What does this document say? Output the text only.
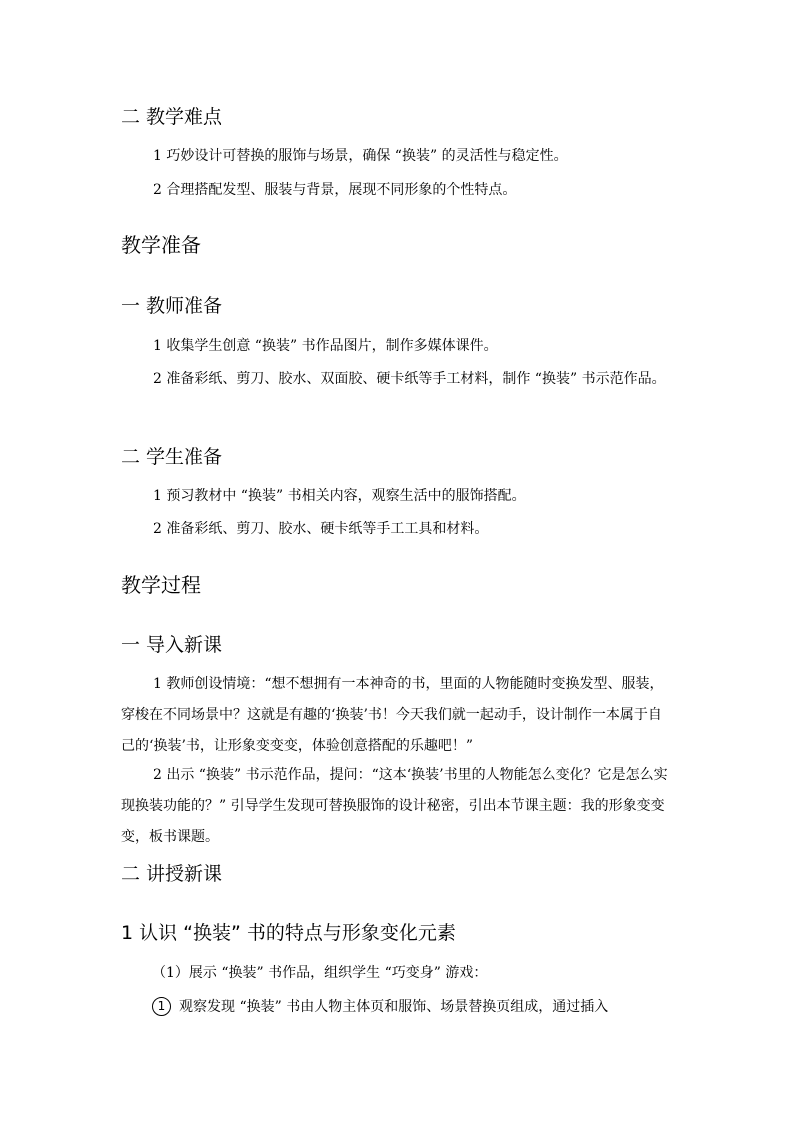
二 教学难点
1 巧妙设计可替换的服饰与场景，确保 “换装” 的灵活性与稳定性。
2 合理搭配发型、服装与背景，展现不同形象的个性特点。
教学准备
一 教师准备
1 收集学生创意 “换装” 书作品图片，制作多媒体课件。
2 准备彩纸、剪刀、胶水、双面胶、硬卡纸等手工材料，制作 “换装” 书示范作品。
二 学生准备
1 预习教材中 “换装” 书相关内容，观察生活中的服饰搭配。
2 准备彩纸、剪刀、胶水、硬卡纸等手工工具和材料。
教学过程
一 导入新课
1 教师创设情境：“想不想拥有一本神奇的书，里面的人物能随时变换发型、服装，穿梭在不同场景中？这就是有趣的‘换装’书！今天我们就一起动手，设计制作一本属于自己的‘换装’书，让形象变变变，体验创意搭配的乐趣吧！”
2 出示 “换装” 书示范作品，提问：“这本‘换装’书里的人物能怎么变化？它是怎么实现换装功能的？” 引导学生发现可替换服饰的设计秘密，引出本节课主题：我的形象变变变，板书课题。
二 讲授新课
1 认识 “换装” 书的特点与形象变化元素
（1）展示 “换装” 书作品，组织学生 “巧变身” 游戏：
1 观察发现 “换装” 书由人物主体页和服饰、场景替换页组成，通过插入
